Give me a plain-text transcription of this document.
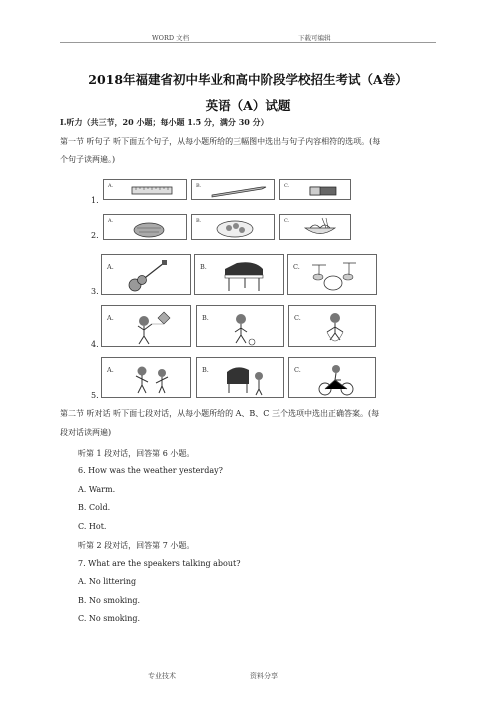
WORD 文档	下载可编辑
2018年福建省初中毕业和高中阶段学校招生考试（A卷）
英语（A）试题
Ⅰ.听力（共三节，20 小题；每小题 1.5 分，满分 30 分）
第一节 听句子 听下面五个句子，从每小题所给的三幅图中选出与句子内容相符的选项。(每
个句子读两遍。)
1.
A.	B.	C.
2.
A.	B.	C.
3.
A.	B.	C.
4.
A.	B.	C.
5.
A.	B.	C.
第二节 听对话 听下面七段对话，从每小题所给的 A、B、C 三个选项中选出正确答案。(每
段对话读两遍)
听第 1 段对话，回答第 6 小题。
6. How was the weather yesterday?
A. Warm.
B. Cold.
C. Hot.
听第 2 段对话，回答第 7 小题。
7. What are the speakers talking about?
A. No littering
B. No smoking.
C. No smoking.
专业技术	资料分享
